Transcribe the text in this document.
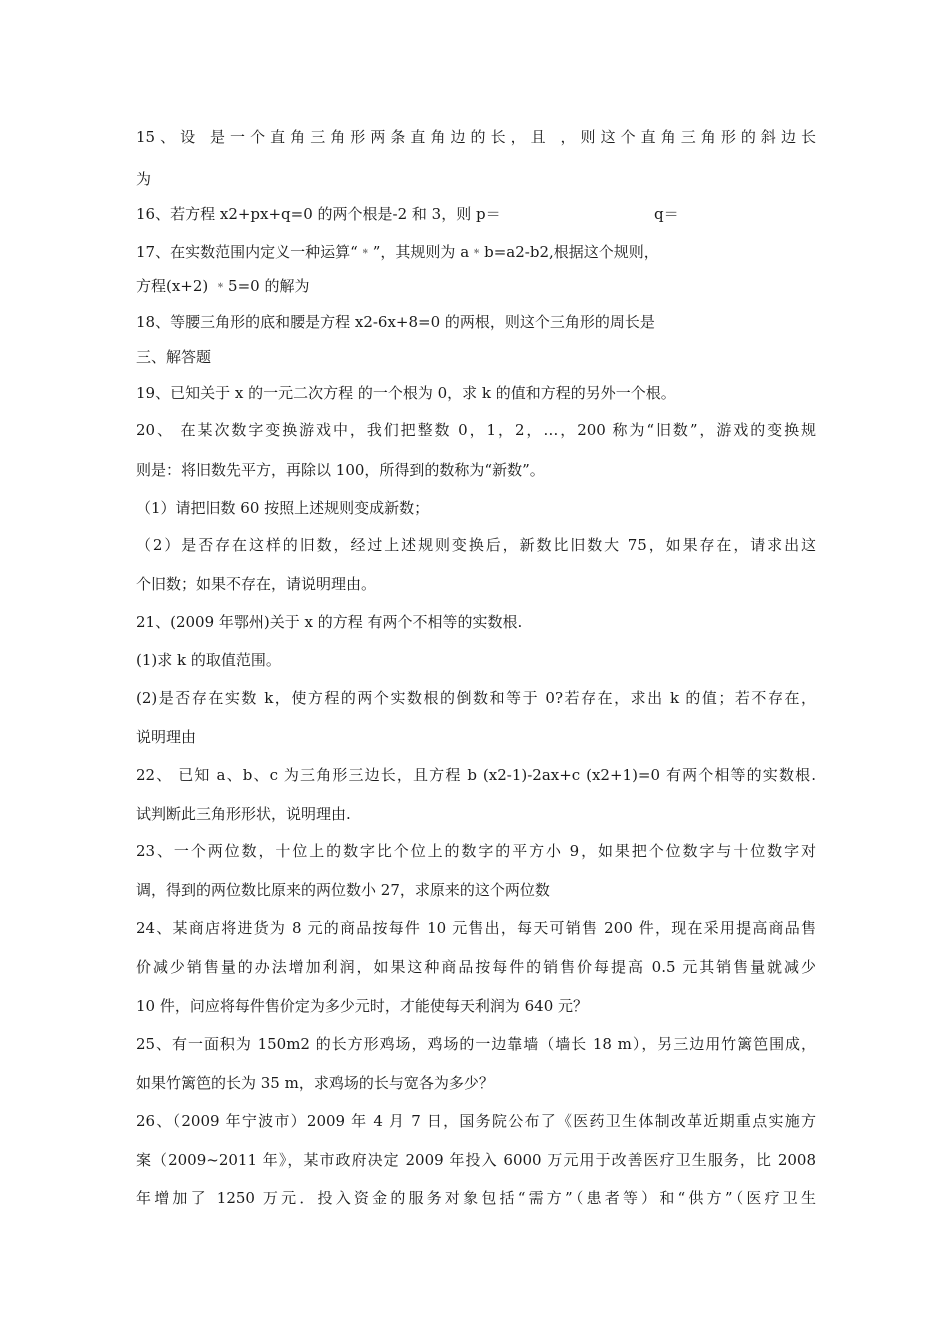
15、设 是一个直角三角形两条直角边的长，且 ，则这个直角三角形的斜边长
为
16、若方程 x2+px+q=0 的两个根是-2 和 3，则 p＝	q＝
17、在实数范围内定义一种运算“﹡”，其规则为 a﹡b=a2-b2,根据这个规则，
方程(x+2) ﹡5=0 的解为
18、等腰三角形的底和腰是方程 x2-6x+8=0 的两根，则这个三角形的周长是
三、解答题
19、已知关于 x 的一元二次方程 的一个根为 0，求 k 的值和方程的另外一个根。
20、 在某次数字变换游戏中，我们把整数 0，1，2，…，200 称为“旧数”，游戏的变换规
则是：将旧数先平方，再除以 100，所得到的数称为“新数”。
（1）请把旧数 60 按照上述规则变成新数；
（2）是否存在这样的旧数，经过上述规则变换后，新数比旧数大 75，如果存在，请求出这
个旧数；如果不存在，请说明理由。
21、(2009 年鄂州)关于 x 的方程 有两个不相等的实数根.
(1)求 k 的取值范围。
(2)是否存在实数 k，使方程的两个实数根的倒数和等于 0?若存在，求出 k 的值；若不存在，
说明理由
22、 已知 a、b、c 为三角形三边长，且方程 b (x2-1)-2ax+c (x2+1)=0 有两个相等的实数根.
试判断此三角形形状，说明理由.
23、一个两位数，十位上的数字比个位上的数字的平方小 9，如果把个位数字与十位数字对
调，得到的两位数比原来的两位数小 27，求原来的这个两位数
24、某商店将进货为 8 元的商品按每件 10 元售出，每天可销售 200 件，现在采用提高商品售
价减少销售量的办法增加利润，如果这种商品按每件的销售价每提高 0.5 元其销售量就减少
10 件，问应将每件售价定为多少元时，才能使每天利润为 640 元？
25、有一面积为 150m2 的长方形鸡场，鸡场的一边靠墙（墙长 18 m），另三边用竹篱笆围成，
如果竹篱笆的长为 35 m，求鸡场的长与宽各为多少？
26、（2009 年宁波市）2009 年 4 月 7 日，国务院公布了《医药卫生体制改革近期重点实施方
案（2009~2011 年》，某市政府决定 2009 年投入 6000 万元用于改善医疗卫生服务，比 2008
年增加了 1250 万元．投入资金的服务对象包括“需方”（患者等）和“供方”（医疗卫生
